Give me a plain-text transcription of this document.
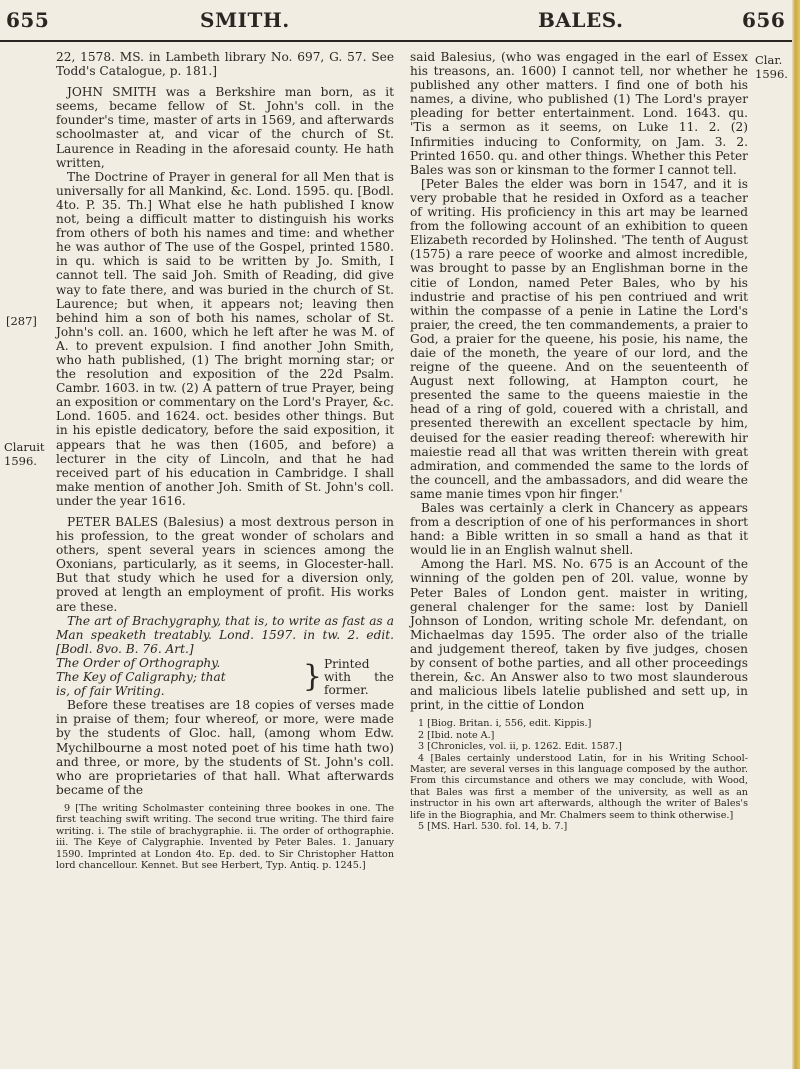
655	SMITH.	BALES.	656
[287]
Claruit
1596.
Clar.
1596.

22, 1578. MS. in Lambeth library No. 697, G. 57. See Todd's Catalogue, p. 181.]

JOHN SMITH was a Berkshire man born, as it seems, became fellow of St. John's coll. in the founder's time, master of arts in 1569, and afterwards schoolmaster at, and vicar of the church of St. Laurence in Reading in the aforesaid county. He hath written,

The Doctrine of Prayer in general for all Men that is universally for all Mankind, &c. Lond. 1595. qu. [Bodl. 4to. P. 35. Th.] What else he hath published I know not, being a difficult matter to distinguish his works from others of both his names and time: and whether he was author of The use of the Gospel, printed 1580. in qu. which is said to be written by Jo. Smith, I cannot tell. The said Joh. Smith of Reading, did give way to fate there, and was buried in the church of St. Laurence; but when, it appears not; leaving then behind him a son of both his names, scholar of St. John's coll. an. 1600, which he left after he was M. of A. to prevent expulsion. I find another John Smith, who hath published, (1) The bright morning star; or the resolution and exposition of the 22d Psalm. Cambr. 1603. in tw. (2) A pattern of true Prayer, being an exposition or commentary on the Lord's Prayer, &c. Lond. 1605. and 1624. oct. besides other things. But in his epistle dedicatory, before the said exposition, it appears that he was then (1605, and before) a lecturer in the city of Lincoln, and that he had received part of his education in Cambridge. I shall make mention of another Joh. Smith of St. John's coll. under the year 1616.

PETER BALES (Balesius) a most dextrous person in his profession, to the great wonder of scholars and others, spent several years in sciences among the Oxonians, particularly, as it seems, in Glocester-hall. But that study which he used for a diversion only, proved at length an employment of profit. His works are these.

The art of Brachygraphy, that is, to write as fast as a Man speaketh treatably. Lond. 1597. in tw. 2. edit. [Bodl. 8vo. B. 76. Art.]

The Order of Orthography.
The Key of Caligraphy; that
is, of fair Writing.	} Printed with the former.

Before these treatises are 18 copies of verses made in praise of them; four whereof, or more, were made by the students of Gloc. hall, (among whom Edw. Mychilbourne a most noted poet of his time hath two) and three, or more, by the students of St. John's coll. who are proprietaries of that hall. What afterwards became of the

9 [The writing Scholmaster conteining three bookes in one. The first teaching swift writing. The second true writing. The third faire writing. i. The stile of brachygraphie. ii. The order of orthographie. iii. The Keye of Calygraphie. Invented by Peter Bales. 1. January 1590. Imprinted at London 4to. Ep. ded. to Sir Christopher Hatton lord chancellour. Kennet. But see Herbert, Typ. Antiq. p. 1245.]

said Balesius, (who was engaged in the earl of Essex his treasons, an. 1600) I cannot tell, nor whether he published any other matters. I find one of both his names, a divine, who published (1) The Lord's prayer pleading for better entertainment. Lond. 1643. qu. 'Tis a sermon as it seems, on Luke 11. 2. (2) Infirmities inducing to Conformity, on Jam. 3. 2. Printed 1650. qu. and other things. Whether this Peter Bales was son or kinsman to the former I cannot tell.

[Peter Bales the elder was born in 1547, and it is very probable that he resided in Oxford as a teacher of writing. His proficiency in this art may be learned from the following account of an exhibition to queen Elizabeth recorded by Holinshed. 'The tenth of August (1575) a rare peece of woorke and almost incredible, was brought to passe by an Englishman borne in the citie of London, named Peter Bales, who by his industrie and practise of his pen contriued and writ within the compasse of a penie in Latine the Lord's praier, the creed, the ten commandements, a praier to God, a praier for the queene, his posie, his name, the daie of the moneth, the yeare of our lord, and the reigne of the queene. And on the seuenteenth of August next following, at Hampton court, he presented the same to the queens maiestie in the head of a ring of gold, couered with a christall, and presented therewith an excellent spectacle by him, deuised for the easier reading thereof: wherewith hir maiestie read all that was written therein with great admiration, and commended the same to the lords of the councell, and the ambassadors, and did weare the same manie times vpon hir finger.'

Bales was certainly a clerk in Chancery as appears from a description of one of his performances in short hand: a Bible written in so small a hand as that it would lie in an English walnut shell.

Among the Harl. MS. No. 675 is an Account of the winning of the golden pen of 20l. value, wonne by Peter Bales of London gent. maister in writing, general chalenger for the same: lost by Daniell Johnson of London, writing schole Mr. defendant, on Michaelmas day 1595. The order also of the trialle and judgement thereof, taken by five judges, chosen by consent of bothe parties, and all other proceedings therein, &c. An Answer also to two most slaunderous and malicious libels latelie published and sett up, in print, in the cittie of London

1 [Biog. Britan. i, 556, edit. Kippis.]

2 [Ibid. note A.]

3 [Chronicles, vol. ii, p. 1262. Edit. 1587.]

4 [Bales certainly understood Latin, for in his Writing School-Master, are several verses in this language composed by the author. From this circumstance and others we may conclude, with Wood, that Bales was first a member of the university, as well as an instructor in his own art afterwards, although the writer of Bales's life in the Biographia, and Mr. Chalmers seem to think otherwise.]

5 [MS. Harl. 530. fol. 14, b. 7.]
